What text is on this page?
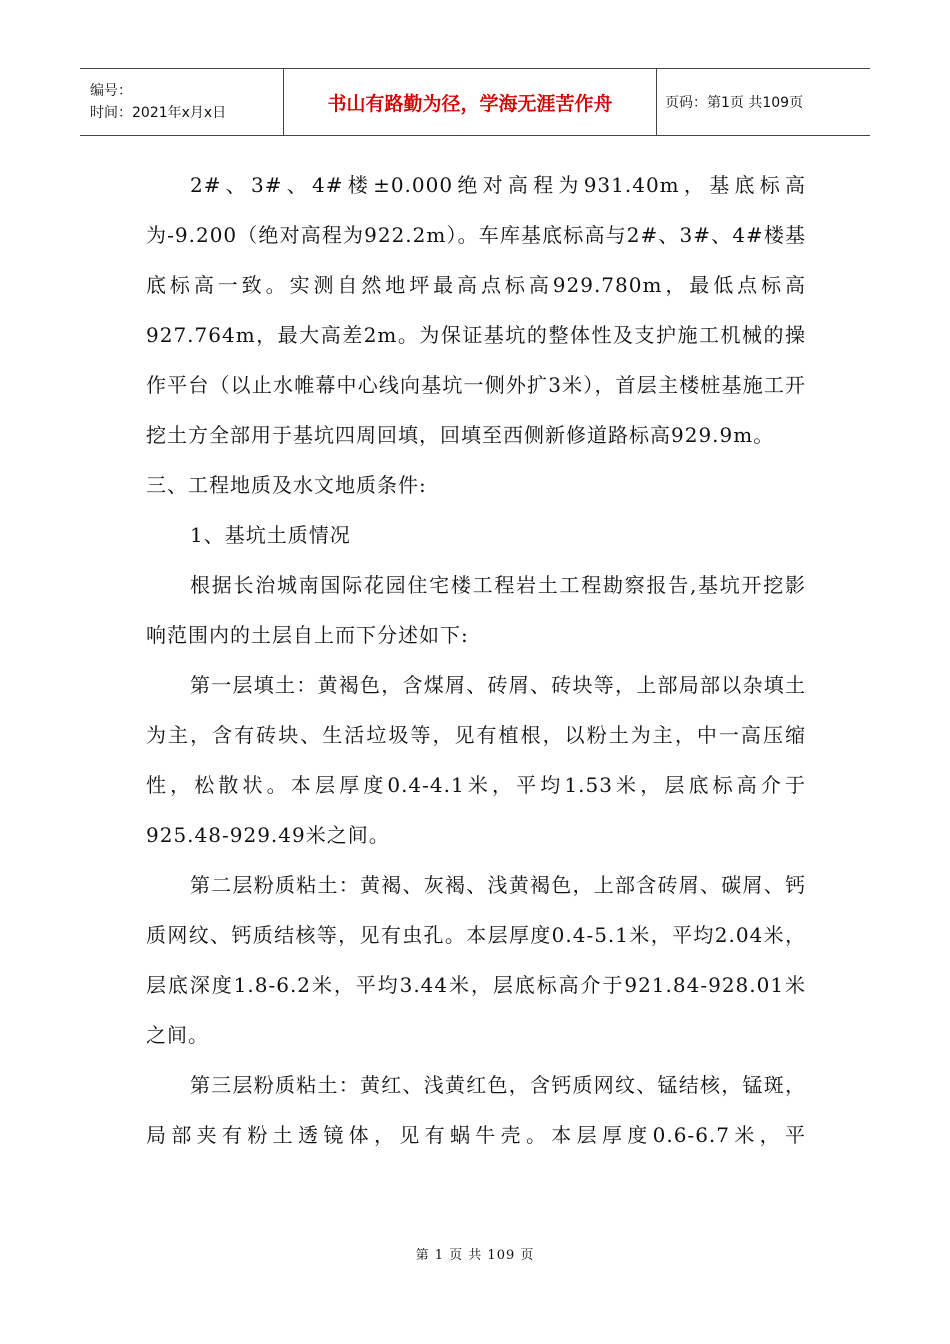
编号：
时间：2021年x月x日	书山有路勤为径，学海无涯苦作舟	页码：第1页 共109页

2#、3#、4#楼±0.000绝对高程为931.40m，基底标高为-9.200（绝对高程为922.2m）。车库基底标高与2#、3#、4#楼基底标高一致。实测自然地坪最高点标高929.780m，最低点标高927.764m，最大高差2m。为保证基坑的整体性及支护施工机械的操作平台（以止水帷幕中心线向基坑一侧外扩3米），首层主楼桩基施工开挖土方全部用于基坑四周回填，回填至西侧新修道路标高929.9m。

三、工程地质及水文地质条件:

1、基坑土质情况

根据长治城南国际花园住宅楼工程岩土工程勘察报告,基坑开挖影响范围内的土层自上而下分述如下:

第一层填土：黄褐色，含煤屑、砖屑、砖块等，上部局部以杂填土为主，含有砖块、生活垃圾等，见有植根，以粉土为主，中一高压缩性，松散状。本层厚度0.4-4.1米，平均1.53米，层底标高介于925.48-929.49米之间。

第二层粉质粘土：黄褐、灰褐、浅黄褐色，上部含砖屑、碳屑、钙质网纹、钙质结核等，见有虫孔。本层厚度0.4-5.1米，平均2.04米，层底深度1.8-6.2米，平均3.44米，层底标高介于921.84-928.01米之间。

第三层粉质粘土：黄红、浅黄红色，含钙质网纹、锰结核，锰斑，局部夹有粉土透镜体，见有蜗牛壳。本层厚度0.6-6.7米，平

第 1 页 共 109 页
